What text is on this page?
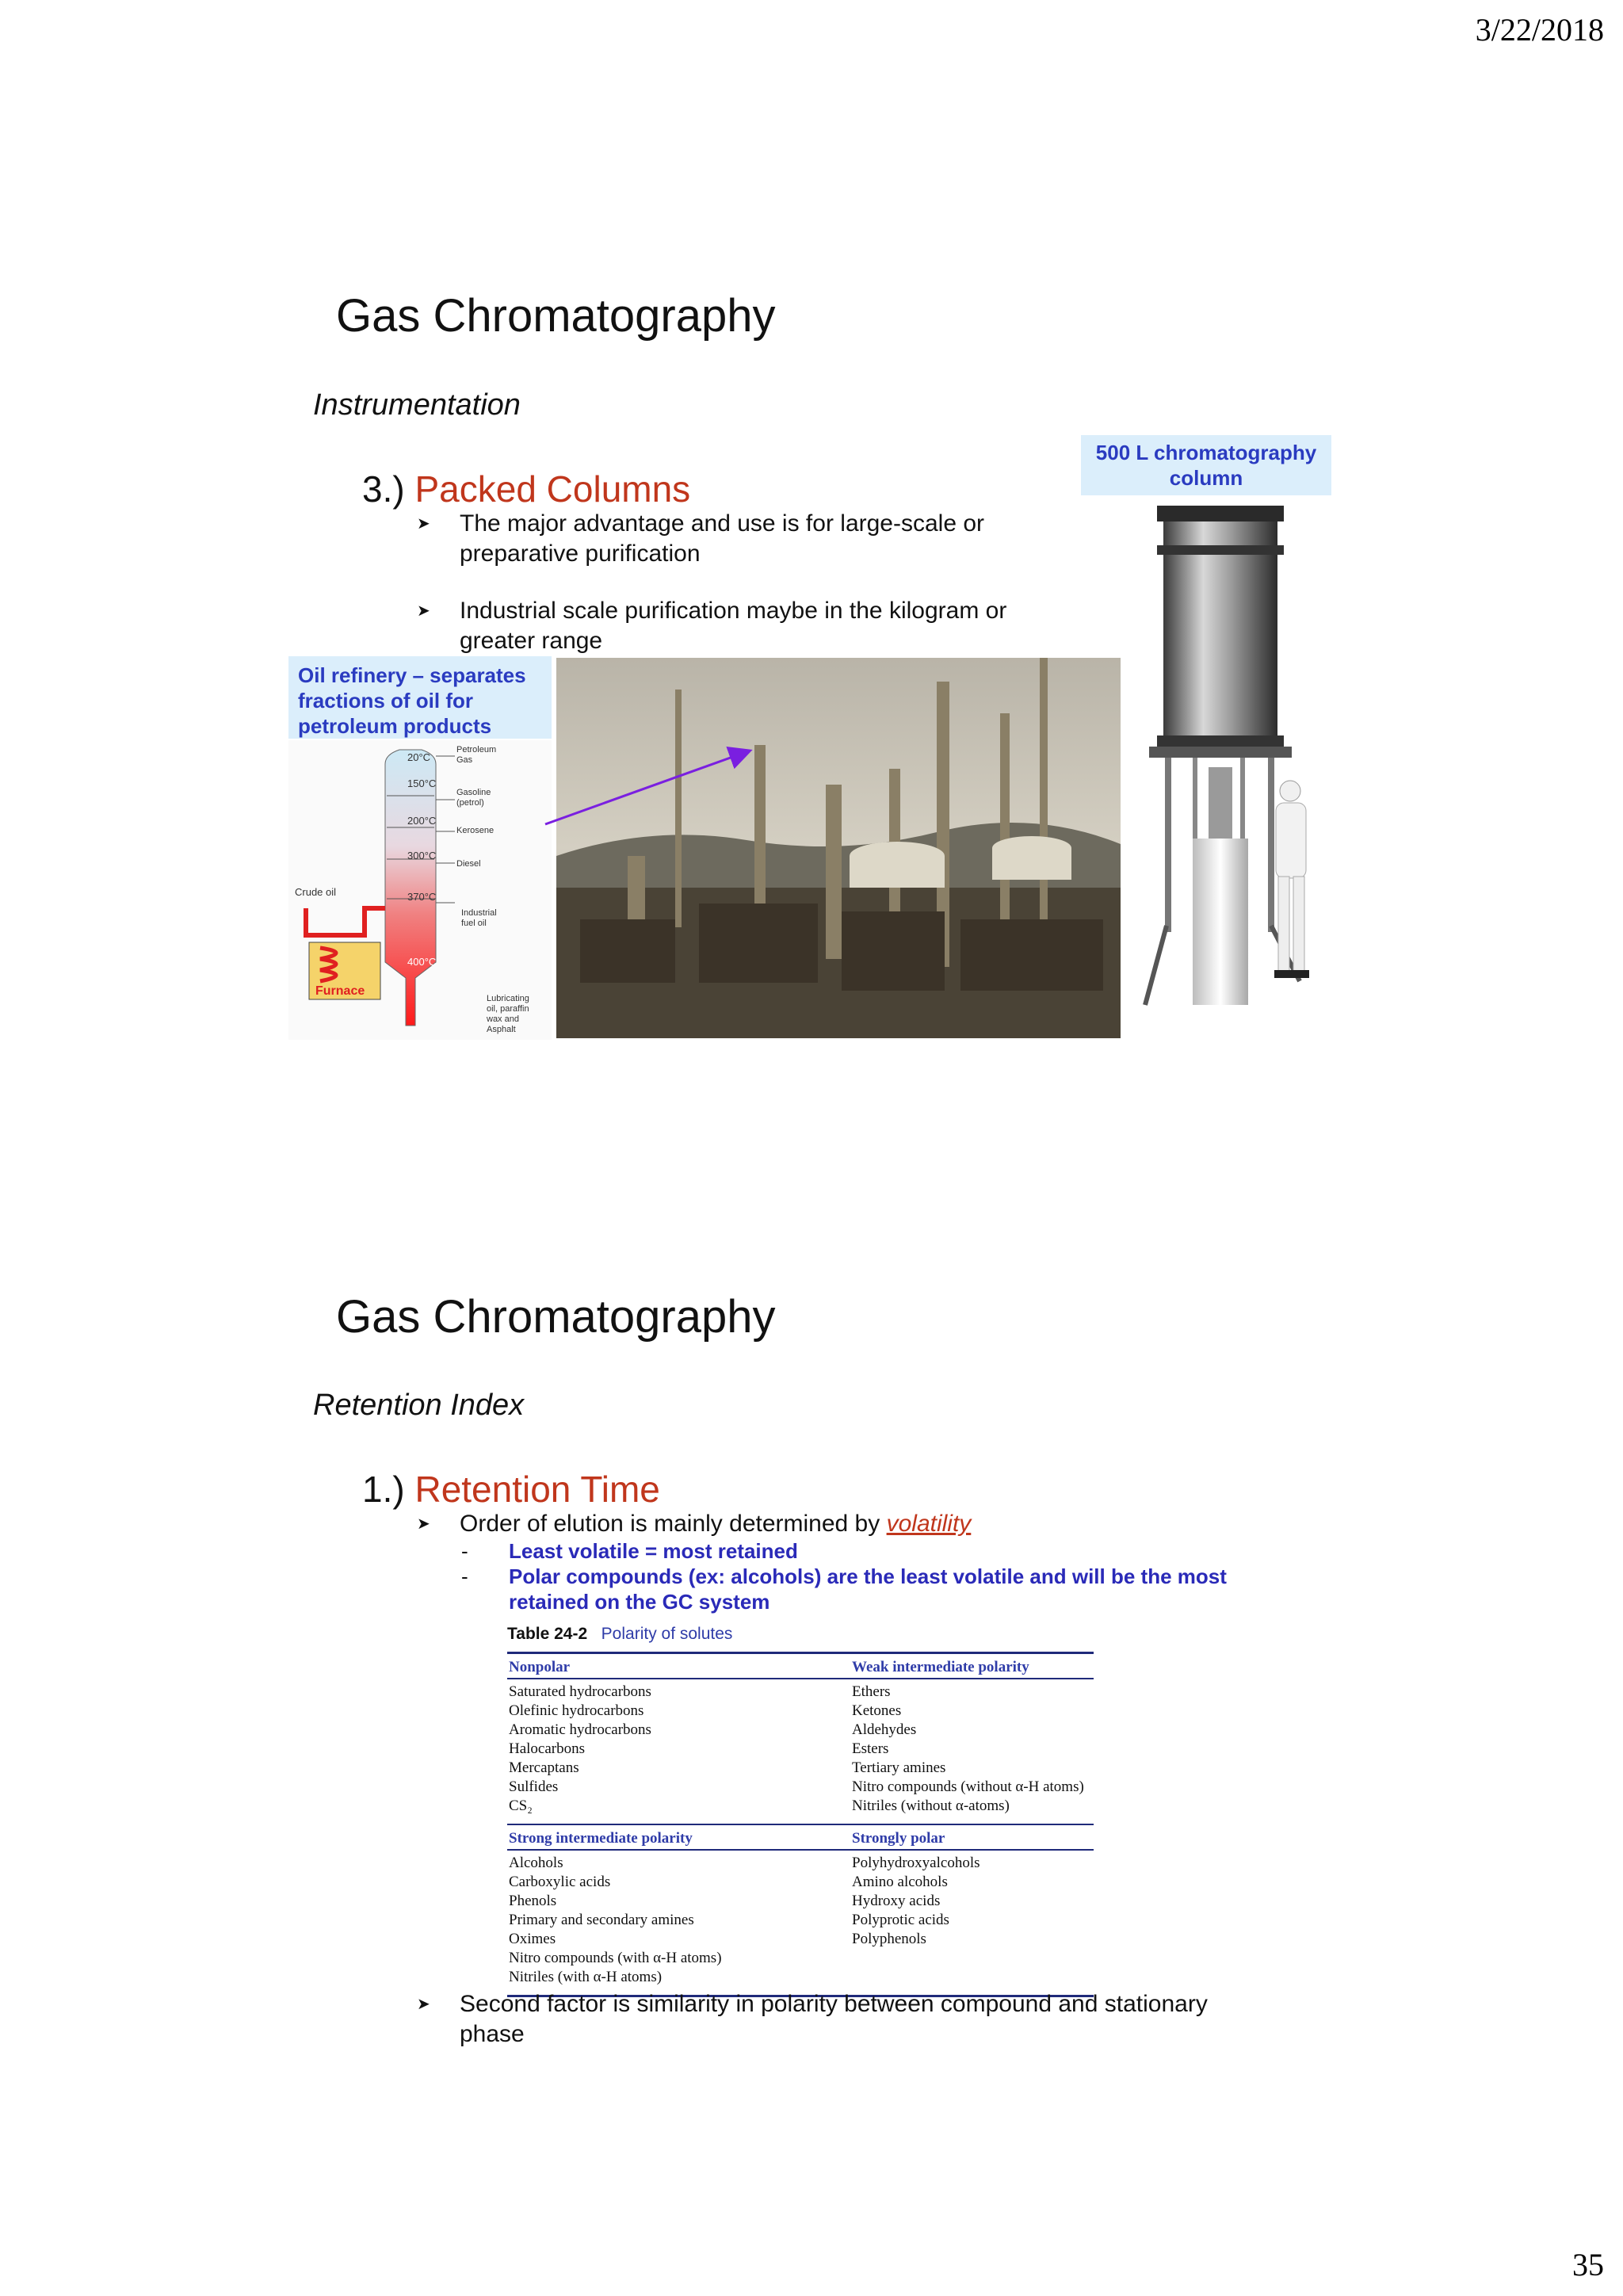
3/22/2018
35
Gas Chromatography
Instrumentation
3.) Packed Columns
➤ The major advantage and use is for large-scale or
preparative purification
➤ Industrial scale purification maybe in the kilogram or
greater range
500 L chromatography
column
Oil refinery – separates
fractions of oil for
petroleum products
20°C
150°C
200°C
300°C
370°C
400°C
Petroleum
Gas
Gasoline
(petrol)
Kerosene
Diesel
Industrial
fuel oil
Lubricating
oil, paraffin
wax and
Asphalt
Crude oil
Furnace
Gas Chromatography
Retention Index
1.) Retention Time
➤ Order of elution is mainly determined by volatility
- Least volatile = most retained
- Polar compounds (ex: alcohols) are the least volatile and will be the most
retained on the GC system
Table 24-2 Polarity of solutes
Nonpolar	Weak intermediate polarity
Saturated hydrocarbons
Olefinic hydrocarbons
Aromatic hydrocarbons
Halocarbons
Mercaptans
Sulfides
CS₂
Ethers
Ketones
Aldehydes
Esters
Tertiary amines
Nitro compounds (without α-H atoms)
Nitriles (without α-atoms)
Strong intermediate polarity	Strongly polar
Alcohols
Carboxylic acids
Phenols
Primary and secondary amines
Oximes
Nitro compounds (with α-H atoms)
Nitriles (with α-H atoms)
Polyhydroxyalcohols
Amino alcohols
Hydroxy acids
Polyprotic acids
Polyphenols
➤ Second factor is similarity in polarity between compound and stationary
phase
